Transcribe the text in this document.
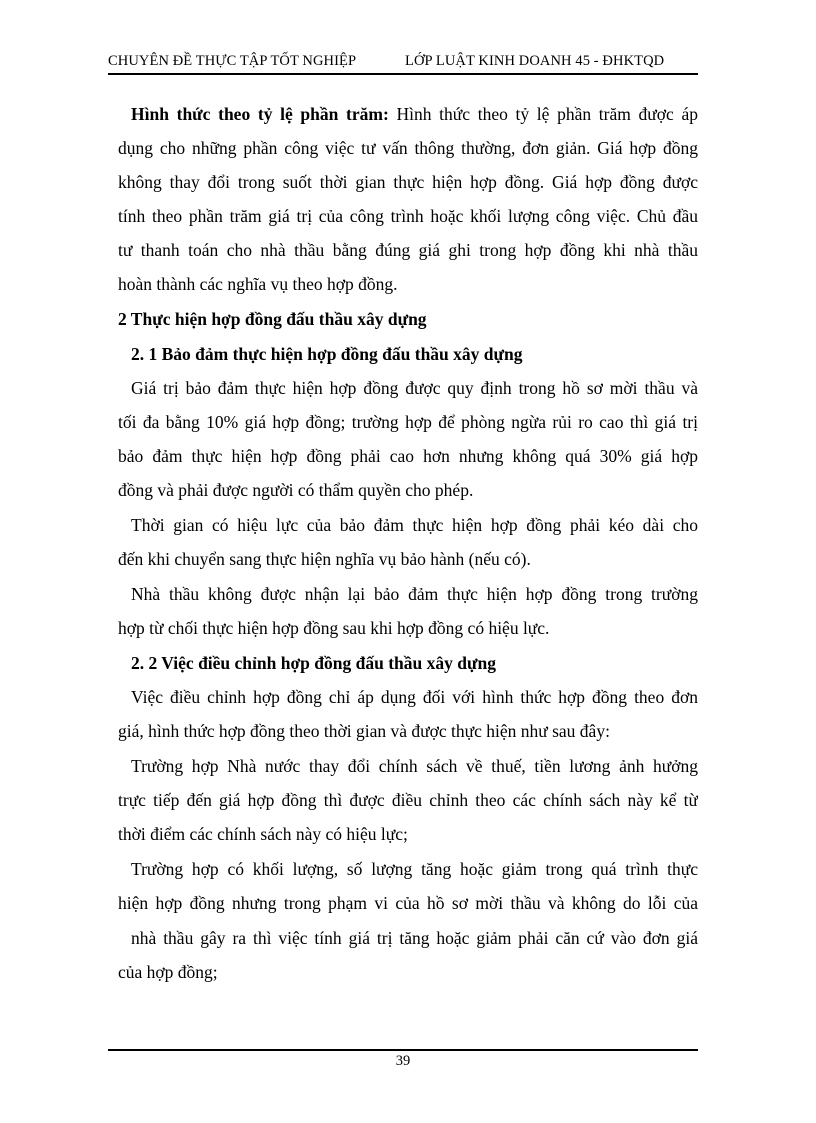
CHUYÊN ĐỀ THỰC TẬP TỐT NGHIỆP	LỚP LUẬT KINH DOANH 45 - ĐHKTQD
Hình thức theo tỷ lệ phần trăm: Hình thức theo tỷ lệ phần trăm được áp
dụng cho những phần công việc tư vấn thông thường, đơn giản. Giá hợp đồng
không thay đổi trong suốt thời gian thực hiện hợp đồng. Giá hợp đồng được
tính theo phần trăm giá trị của công trình hoặc khối lượng công việc. Chủ đầu
tư thanh toán cho nhà thầu bằng đúng giá ghi trong hợp đồng khi nhà thầu
hoàn thành các nghĩa vụ theo hợp đồng.
2 Thực hiện hợp đồng đấu thầu xây dựng
2. 1 Bảo đảm thực hiện hợp đồng đấu thầu xây dựng
Giá trị bảo đảm thực hiện hợp đồng được quy định trong hồ sơ mời thầu và
tối đa bằng 10% giá hợp đồng; trường hợp để phòng ngừa rủi ro cao thì giá trị
bảo đảm thực hiện hợp đồng phải cao hơn nhưng không quá 30% giá hợp
đồng và phải được người có thẩm quyền cho phép.
Thời gian có hiệu lực của bảo đảm thực hiện hợp đồng phải kéo dài cho
đến khi chuyển sang thực hiện nghĩa vụ bảo hành (nếu có).
Nhà thầu không được nhận lại bảo đảm thực hiện hợp đồng trong trường
hợp từ chối thực hiện hợp đồng sau khi hợp đồng có hiệu lực.
2. 2 Việc điều chỉnh hợp đồng đấu thầu xây dựng
Việc điều chỉnh hợp đồng chỉ áp dụng đối với hình thức hợp đồng theo đơn
giá, hình thức hợp đồng theo thời gian và được thực hiện như sau đây:
Trường hợp Nhà nước thay đổi chính sách về thuế, tiền lương ảnh hưởng
trực tiếp đến giá hợp đồng thì được điều chỉnh theo các chính sách này kể từ
thời điểm các chính sách này có hiệu lực;
Trường hợp có khối lượng, số lượng tăng hoặc giảm trong quá trình thực
hiện hợp đồng nhưng trong phạm vi của hồ sơ mời thầu và không do lỗi của
nhà thầu gây ra thì việc tính giá trị tăng hoặc giảm phải căn cứ vào đơn giá
của hợp đồng;
39
